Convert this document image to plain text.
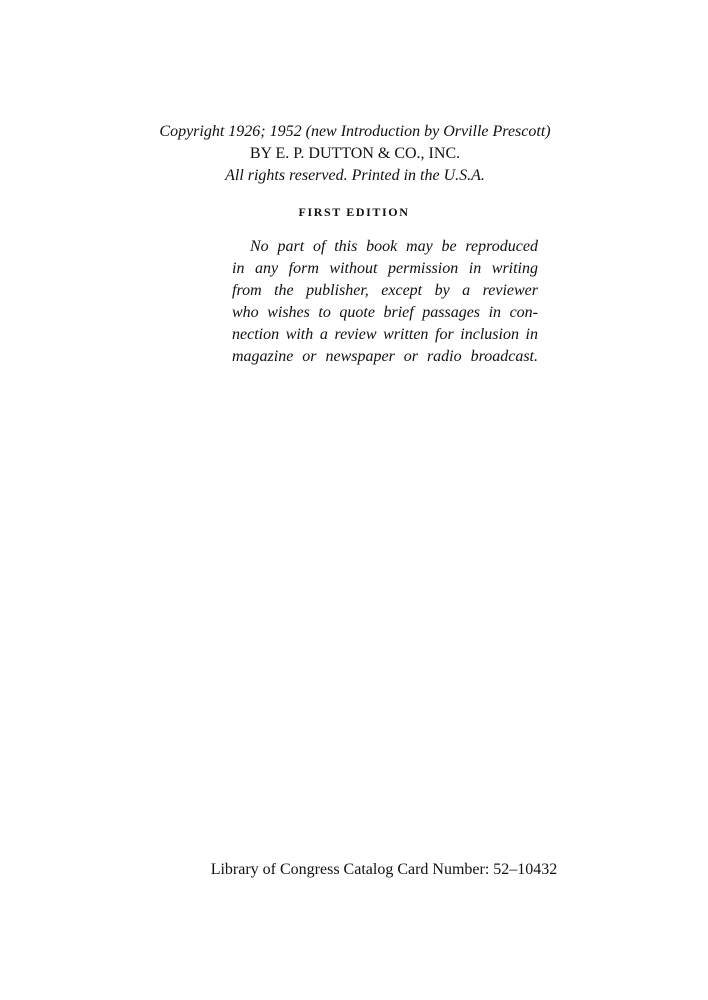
Copyright 1926; 1952 (new Introduction by Orville Prescott)
BY E. P. DUTTON & CO., INC.
All rights reserved. Printed in the U.S.A.
FIRST EDITION
No part of this book may be reproduced
in any form without permission in writing
from the publisher, except by a reviewer
who wishes to quote brief passages in con-
nection with a review written for inclusion in
magazine or newspaper or radio broadcast.
Library of Congress Catalog Card Number: 52–10432
